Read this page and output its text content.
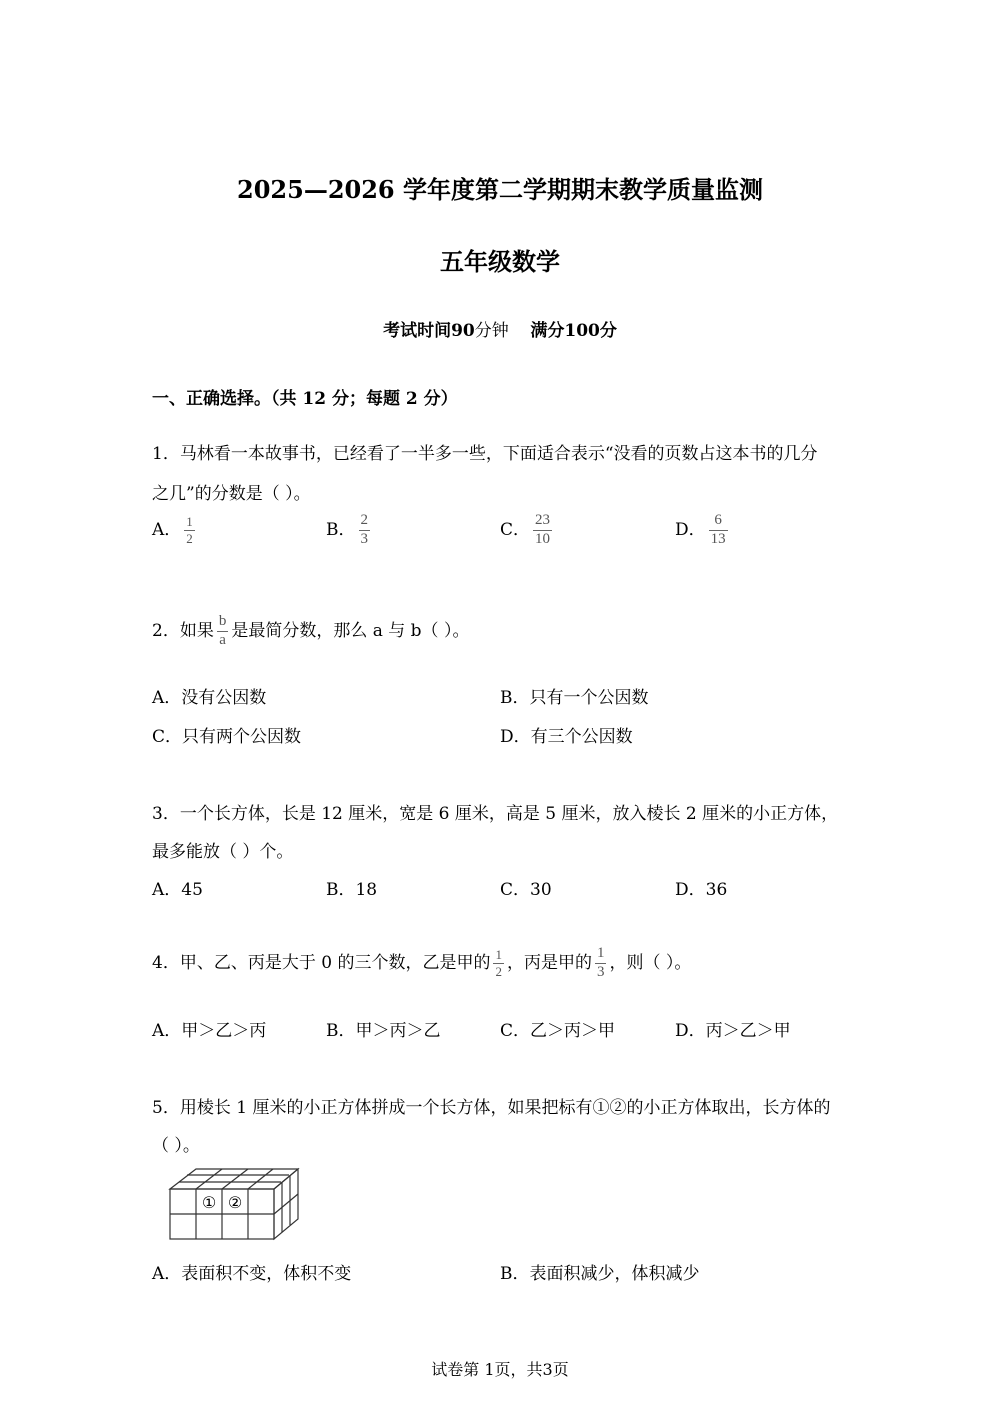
2025—2026 学年度第二学期期末教学质量监测
五年级数学
考试时间90分钟 满分100分
一、正确选择。（共 12 分；每题 2 分）
1．马林看一本故事书，已经看了一半多一些，下面适合表示“没看的页数占这本书的几分
之几”的分数是（ ）。
A． $\frac{1}{2}$	B． $\frac{2}{3}$	C． $\frac{23}{10}$	D． $\frac{6}{13}$
2．如果 $\frac{b}{a}$ 是最简分数，那么 a 与 b（ ）。
A．没有公因数	B．只有一个公因数
C．只有两个公因数	D．有三个公因数
3．一个长方体，长是 12 厘米，宽是 6 厘米，高是 5 厘米，放入棱长 2 厘米的小正方体，
最多能放（ ）个。
A．45	B．18	C．30	D．36
4．甲、乙、丙是大于 0 的三个数，乙是甲的 $\frac{1}{2}$ ，丙是甲的 $\frac{1}{3}$ ，则（ ）。
A．甲＞乙＞丙	B．甲＞丙＞乙	C．乙＞丙＞甲	D．丙＞乙＞甲
5．用棱长 1 厘米的小正方体拼成一个长方体，如果把标有①②的小正方体取出，长方体的
（ ）。
① ②
A．表面积不变，体积不变	B．表面积减少，体积减少
试卷第 1页，共3页
